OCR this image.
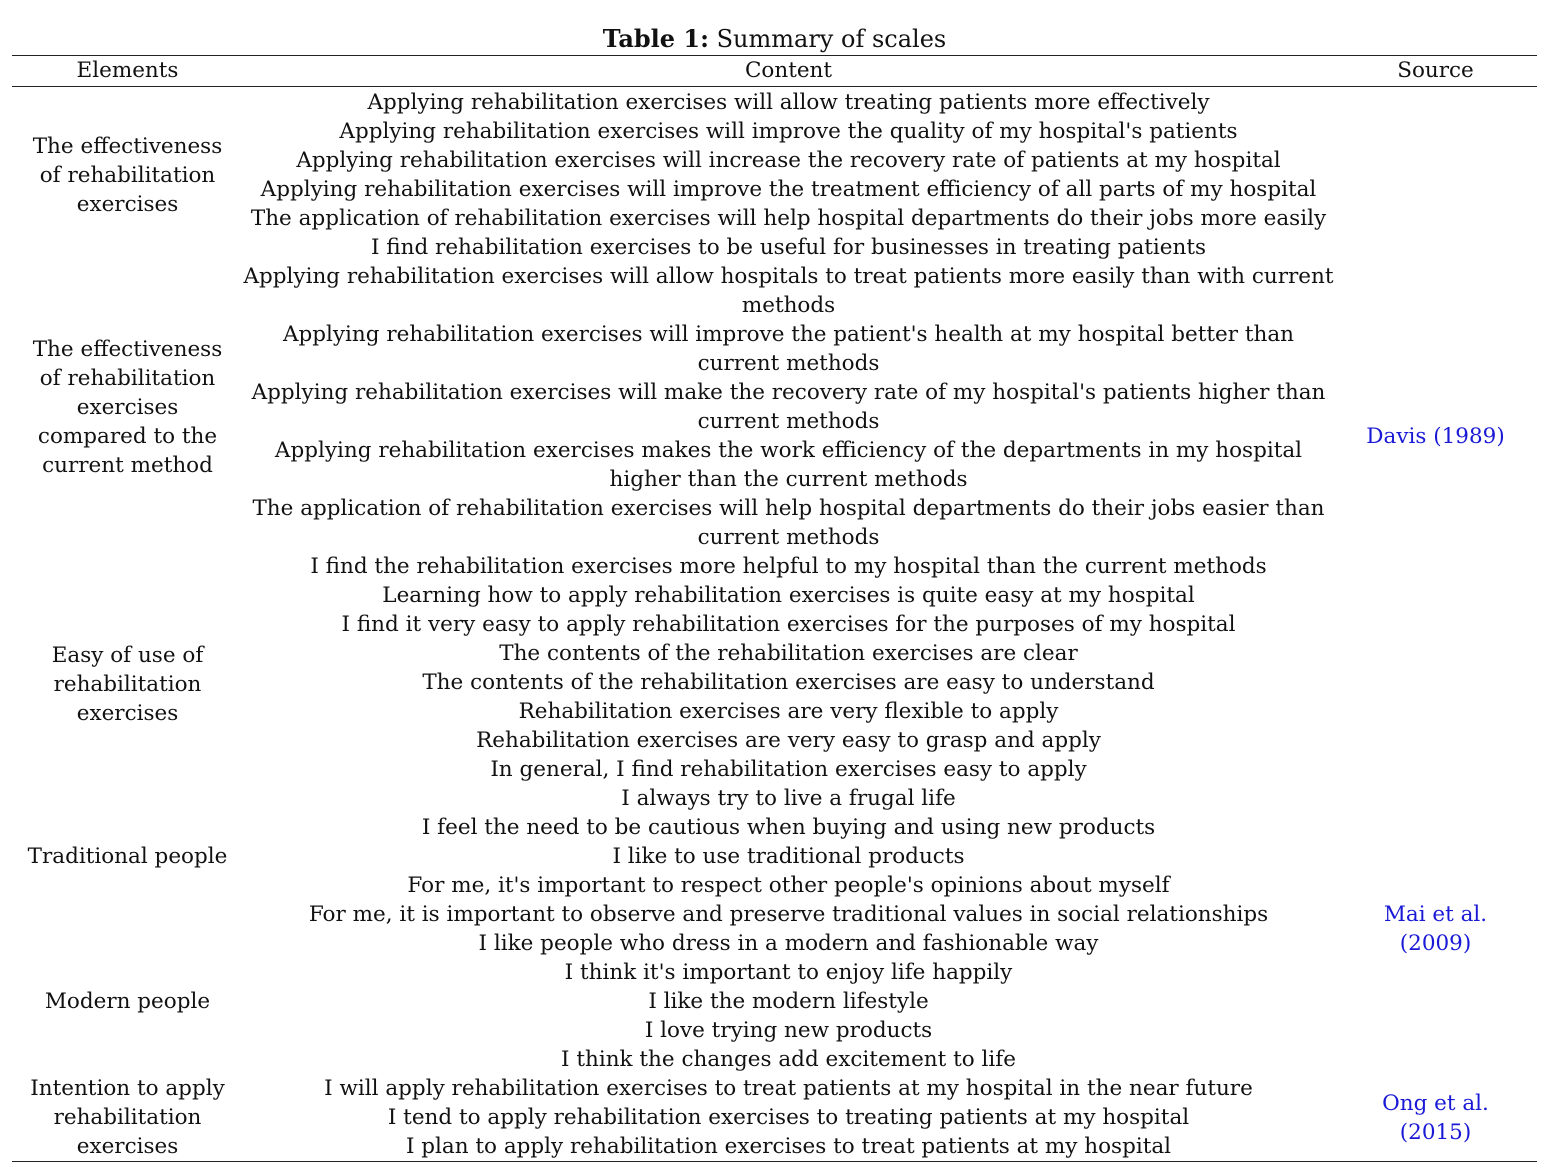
Table 1: Summary of scales
Elements	Content	Source
Applying rehabilitation exercises will allow treating patients more effectively
Applying rehabilitation exercises will improve the quality of my hospital's patients
Applying rehabilitation exercises will increase the recovery rate of patients at my hospital
Applying rehabilitation exercises will improve the treatment efficiency of all parts of my hospital
The application of rehabilitation exercises will help hospital departments do their jobs more easily
I find rehabilitation exercises to be useful for businesses in treating patients
Applying rehabilitation exercises will allow hospitals to treat patients more easily than with current
methods
Applying rehabilitation exercises will improve the patient's health at my hospital better than
current methods
Applying rehabilitation exercises will make the recovery rate of my hospital's patients higher than
current methods
Applying rehabilitation exercises makes the work efficiency of the departments in my hospital
higher than the current methods
The application of rehabilitation exercises will help hospital departments do their jobs easier than
current methods
I find the rehabilitation exercises more helpful to my hospital than the current methods
Learning how to apply rehabilitation exercises is quite easy at my hospital
I find it very easy to apply rehabilitation exercises for the purposes of my hospital
The contents of the rehabilitation exercises are clear
The contents of the rehabilitation exercises are easy to understand
Rehabilitation exercises are very flexible to apply
Rehabilitation exercises are very easy to grasp and apply
In general, I find rehabilitation exercises easy to apply
I always try to live a frugal life
I feel the need to be cautious when buying and using new products
I like to use traditional products
For me, it's important to respect other people's opinions about myself
For me, it is important to observe and preserve traditional values in social relationships
I like people who dress in a modern and fashionable way
I think it's important to enjoy life happily
I like the modern lifestyle
I love trying new products
I think the changes add excitement to life
I will apply rehabilitation exercises to treat patients at my hospital in the near future
I tend to apply rehabilitation exercises to treating patients at my hospital
I plan to apply rehabilitation exercises to treat patients at my hospital
The effectiveness of rehabilitation exercises
The effectiveness of rehabilitation exercises compared to the current method
Easy of use of rehabilitation exercises
Traditional people
Modern people
Intention to apply rehabilitation exercises
Davis (1989)
Mai et al. (2009)
Ong et al. (2015)
